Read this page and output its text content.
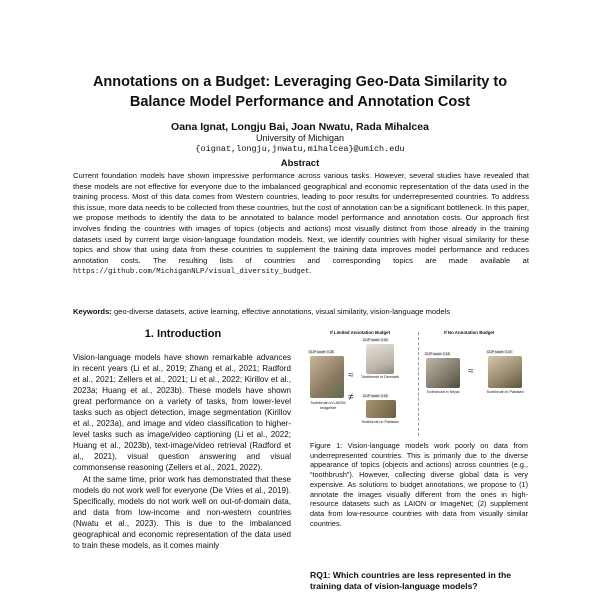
Annotations on a Budget: Leveraging Geo-Data Similarity to
Balance Model Performance and Annotation Cost
Oana Ignat, Longju Bai, Joan Nwatu, Rada Mihalcea
University of Michigan
{oignat,longju,jnwatu,mihalcea}@umich.edu
Abstract
Current foundation models have shown impressive performance across various tasks. However, several studies have revealed that these models are not effective for everyone due to the imbalanced geographical and economic representation of the data used in the training process. Most of this data comes from Western countries, leading to poor results for underrepresented countries. To address this issue, more data needs to be collected from these countries, but the cost of annotation can be a significant bottleneck. In this paper, we propose methods to identify the data to be annotated to balance model performance and annotation costs. Our approach first involves finding the countries with images of topics (objects and actions) most visually distinct from those already in the training datasets used by current large vision-language foundation models. Next, we identify countries with higher visual similarity for these topics and show that using data from these countries to supplement the training data improves model performance and reduces annotation costs. The resulting lists of countries and corresponding topics are made available at https://github.com/MichiganNLP/visual_diversity_budget.
Keywords: geo-diverse datasets, active learning, effective annotations, visual similarity, vision-language models
1. Introduction

Vision-language models have shown remarkable advances in recent years (Li et al., 2019; Zhang et al., 2021; Radford et al., 2021; Zellers et al., 2021; Li et al., 2022; Kirillov et al., 2023a; Huang et al., 2023b). These models have shown great performance on a variety of tasks, from lower-level tasks such as object detection, image segmentation (Kirillov et al., 2023a), and image and video classification to higher-level tasks such as image/video captioning (Li et al., 2022; Huang et al., 2023b), text-image/video retrieval (Radford et al., 2021), visual question answering and visual commonsense reasoning (Zellers et al., 2021, 2022).

At the same time, prior work has demonstrated that these models do not work well for everyone (De Vries et al., 2019). Specifically, models do not work well on out-of-domain data, and data from low-income and non-western countries (Nwatu et al., 2023). This is due to the imbalanced geographical and economic representation of the data used to train these models, as it comes mainly

If Limited Annotation Budget	If No Annotation Budget
CLIP score: 0.28
Toothbrush in LAION/ ImageNet
CLIP score: 0.26
Toothbrush in Denmark
≈
≠	CLIP score: 0.18
Toothbrush in Pakistan
CLIP score: 0.18
Toothbrush in Nepal
≈
CLIP score: 0.19
Toothbrush in Pakistan
Figure 1: Vision-language models work poorly on data from underrepresented countries. This is primarily due to the diverse appearance of topics (objects and actions) across countries (e.g., “toothbrush”). However, collecting diverse global data is very expensive. As solutions to budget annotations, we propose to (1) annotate the images visually different from the ones in high-resource datasets such as LAION or ImageNet; (2) supplement data from low-resource countries with data from visually similar countries.
RQ1: Which countries are less represented in the training data of vision-language models?
